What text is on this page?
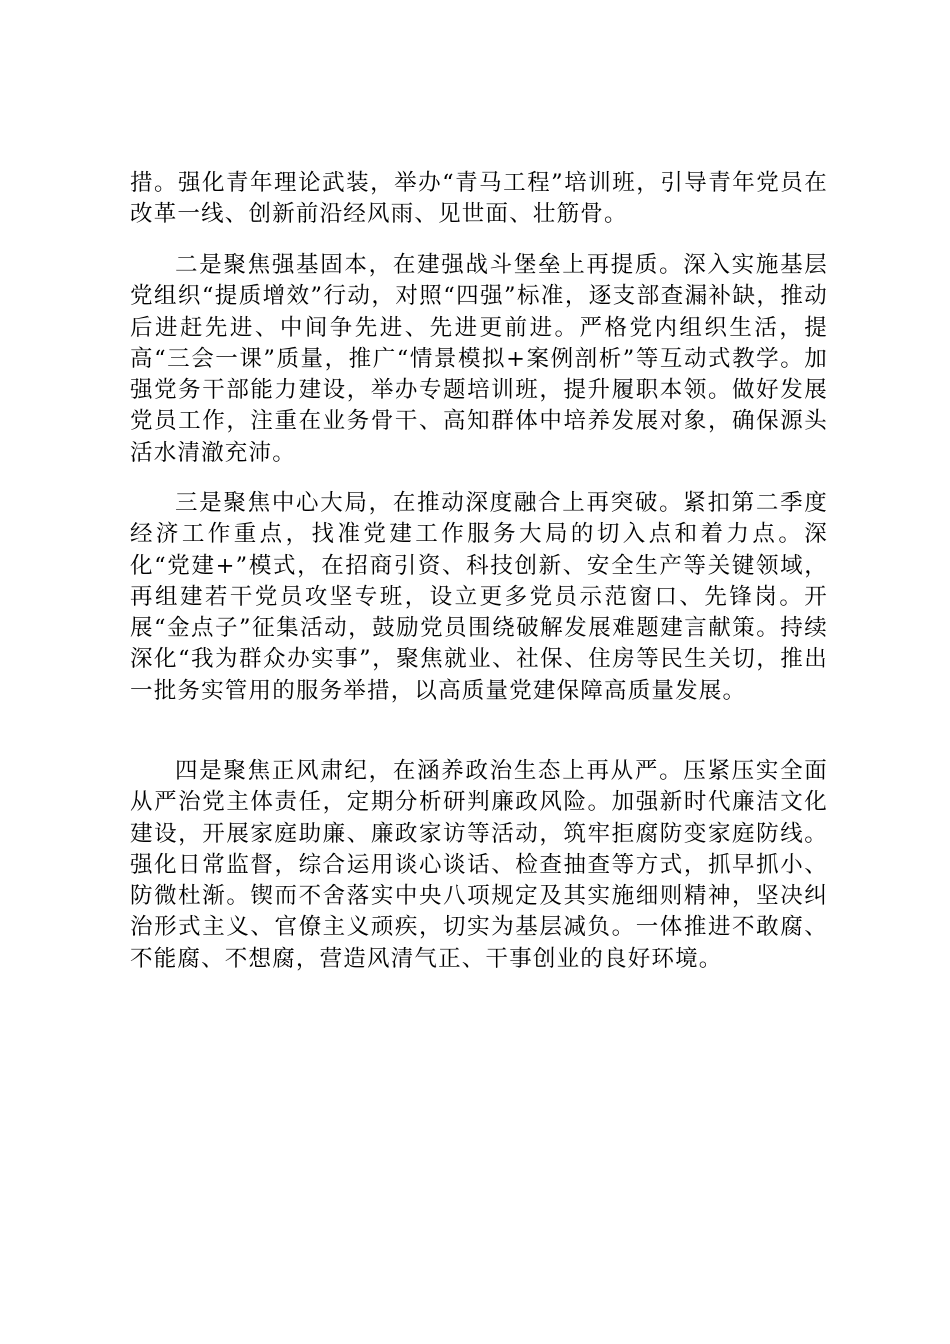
措。强化青年理论武装，举办“青马工程”培训班，引导青年党员在改革一线、创新前沿经风雨、见世面、壮筋骨。

二是聚焦强基固本，在建强战斗堡垒上再提质。深入实施基层党组织“提质增效”行动，对照“四强”标准，逐支部查漏补缺，推动后进赶先进、中间争先进、先进更前进。严格党内组织生活，提高“三会一课”质量，推广“情景模拟+案例剖析”等互动式教学。加强党务干部能力建设，举办专题培训班，提升履职本领。做好发展党员工作，注重在业务骨干、高知群体中培养发展对象，确保源头活水清澈充沛。

三是聚焦中心大局，在推动深度融合上再突破。紧扣第二季度经济工作重点，找准党建工作服务大局的切入点和着力点。深化“党建+”模式，在招商引资、科技创新、安全生产等关键领域，再组建若干党员攻坚专班，设立更多党员示范窗口、先锋岗。开展“金点子”征集活动，鼓励党员围绕破解发展难题建言献策。持续深化“我为群众办实事”，聚焦就业、社保、住房等民生关切，推出一批务实管用的服务举措，以高质量党建保障高质量发展。

四是聚焦正风肃纪，在涵养政治生态上再从严。压紧压实全面从严治党主体责任，定期分析研判廉政风险。加强新时代廉洁文化建设，开展家庭助廉、廉政家访等活动，筑牢拒腐防变家庭防线。强化日常监督，综合运用谈心谈话、检查抽查等方式，抓早抓小、防微杜渐。锲而不舍落实中央八项规定及其实施细则精神，坚决纠治形式主义、官僚主义顽疾，切实为基层减负。一体推进不敢腐、不能腐、不想腐，营造风清气正、干事创业的良好环境。
